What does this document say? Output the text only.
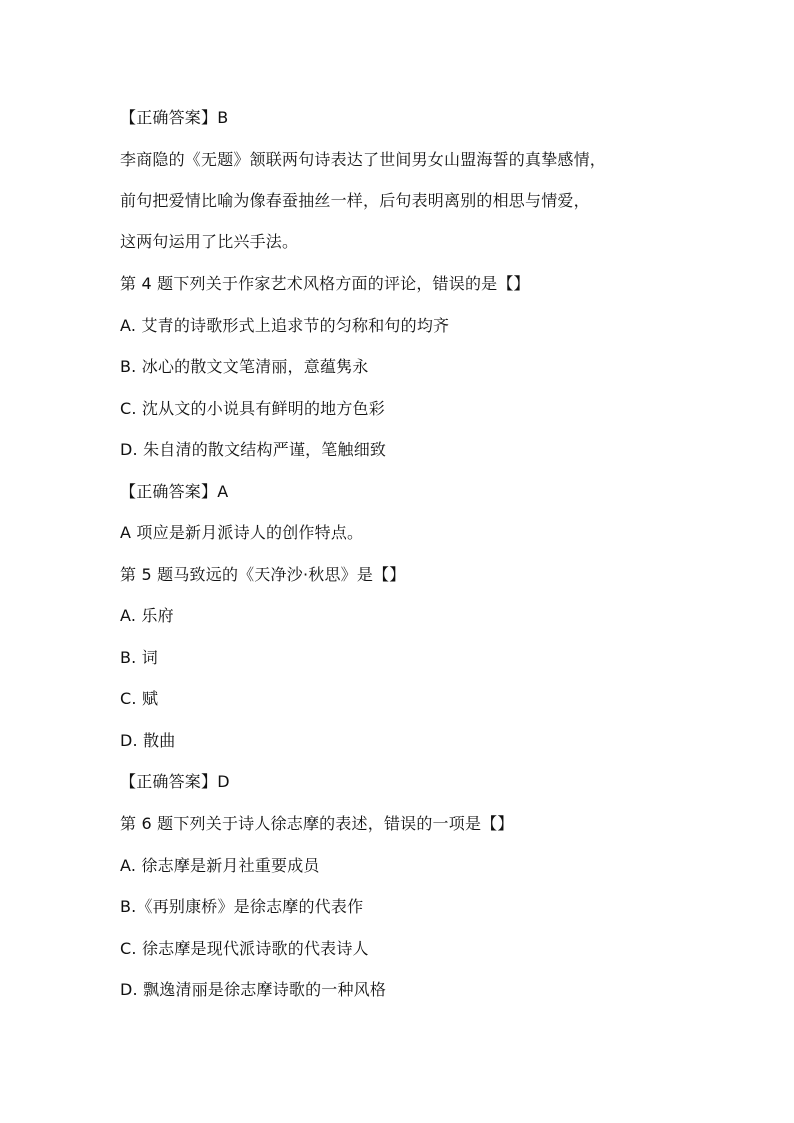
【正确答案】B
李商隐的《无题》颔联两句诗表达了世间男女山盟海誓的真挚感情，
前句把爱情比喻为像春蚕抽丝一样，后句表明离别的相思与情爱，
这两句运用了比兴手法。
第 4 题下列关于作家艺术风格方面的评论，错误的是【】
A. 艾青的诗歌形式上追求节的匀称和句的均齐
B. 冰心的散文文笔清丽，意蕴隽永
C. 沈从文的小说具有鲜明的地方色彩
D. 朱自清的散文结构严谨，笔触细致
【正确答案】A
A 项应是新月派诗人的创作特点。
第 5 题马致远的《天净沙·秋思》是【】
A. 乐府
B. 词
C. 赋
D. 散曲
【正确答案】D
第 6 题下列关于诗人徐志摩的表述，错误的一项是【】
A. 徐志摩是新月社重要成员
B.《再别康桥》是徐志摩的代表作
C. 徐志摩是现代派诗歌的代表诗人
D. 飘逸清丽是徐志摩诗歌的一种风格
